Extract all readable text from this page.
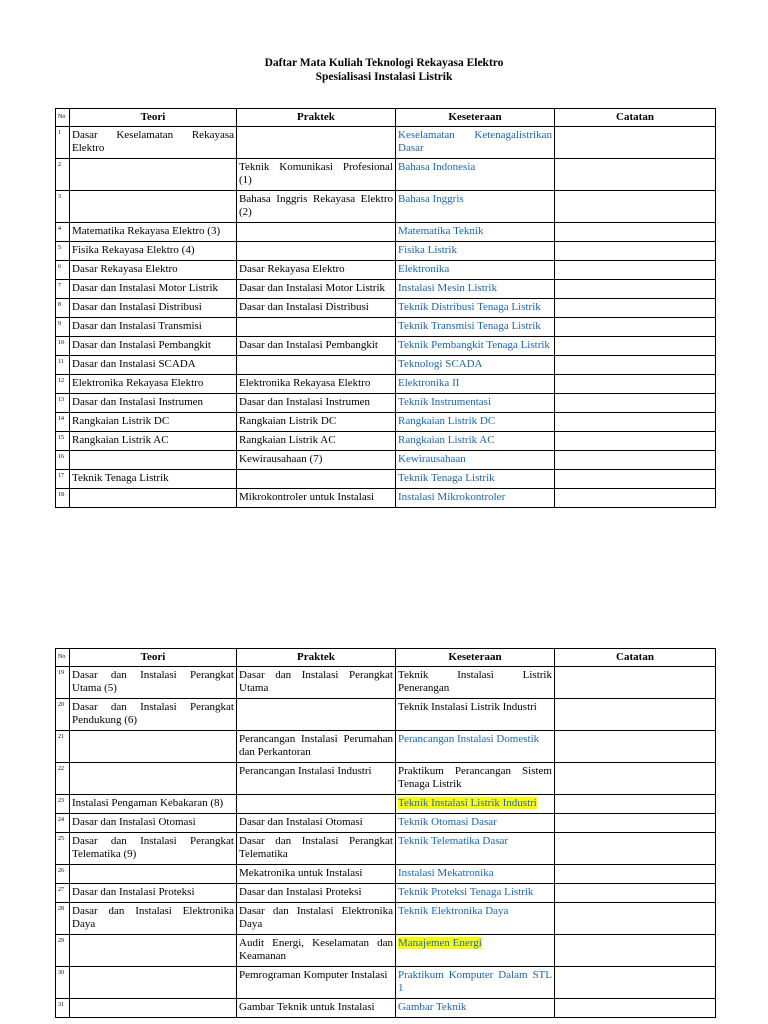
Daftar Mata Kuliah Teknologi Rekayasa Elektro
Spesialisasi Instalasi Listrik
No	Teori	Praktek	Keseteraan	Catatan
1	Dasar Keselamatan Rekayasa Elektro		Keselamatan Ketenagalistrikan Dasar	
2		Teknik Komunikasi Profesional (1)	Bahasa Indonesia	
3		Bahasa Inggris Rekayasa Elektro (2)	Bahasa Inggris	
4	Matematika Rekayasa Elektro (3)		Matematika Teknik	
5	Fisika Rekayasa Elektro (4)		Fisika Listrik	
6	Dasar Rekayasa Elektro	Dasar Rekayasa Elektro	Elektronika	
7	Dasar dan Instalasi Motor Listrik	Dasar dan Instalasi Motor Listrik	Instalasi Mesin Listrik	
8	Dasar dan Instalasi Distribusi	Dasar dan Instalasi Distribusi	Teknik Distribusi Tenaga Listrik	
9	Dasar dan Instalasi Transmisi		Teknik Transmisi Tenaga Listrik	
10	Dasar dan Instalasi Pembangkit	Dasar dan Instalasi Pembangkit	Teknik Pembangkit Tenaga Listrik	
11	Dasar dan Instalasi SCADA		Teknologi SCADA	
12	Elektronika Rekayasa Elektro	Elektronika Rekayasa Elektro	Elektronika II	
13	Dasar dan Instalasi Instrumen	Dasar dan Instalasi Instrumen	Teknik Instrumentasi	
14	Rangkaian Listrik DC	Rangkaian Listrik DC	Rangkaian Listrik DC	
15	Rangkaian Listrik AC	Rangkaian Listrik AC	Rangkaian Listrik AC	
16		Kewirausahaan (7)	Kewirausahaan	
17	Teknik Tenaga Listrik		Teknik Tenaga Listrik	
18		Mikrokontroler untuk Instalasi	Instalasi Mikrokontroler	
No	Teori	Praktek	Keseteraan	Catatan
19	Dasar dan Instalasi Perangkat Utama (5)	Dasar dan Instalasi Perangkat Utama	Teknik Instalasi Listrik Penerangan	
20	Dasar dan Instalasi Perangkat Pendukung (6)		Teknik Instalasi Listrik Industri	
21		Perancangan Instalasi Perumahan dan Perkantoran	Perancangan Instalasi Domestik	
22		Perancangan Instalasi Industri	Praktikum Perancangan Sistem Tenaga Listrik	
23	Instalasi Pengaman Kebakaran (8)		Teknik Instalasi Listrik Industri	
24	Dasar dan Instalasi Otomasi	Dasar dan Instalasi Otomasi	Teknik Otomasi Dasar	
25	Dasar dan Instalasi Perangkat Telematika (9)	Dasar dan Instalasi Perangkat Telematika	Teknik Telematika Dasar	
26		Mekatronika untuk Instalasi	Instalasi Mekatronika	
27	Dasar dan Instalasi Proteksi	Dasar dan Instalasi Proteksi	Teknik Proteksi Tenaga Listrik	
28	Dasar dan Instalasi Elektronika Daya	Dasar dan Instalasi Elektronika Daya	Teknik Elektronika Daya	
29		Audit Energi, Keselamatan dan Keamanan	Manajemen Energi	
30		Pemrograman Komputer Instalasi	Praktikum Komputer Dalam STL 1	
31		Gambar Teknik untuk Instalasi	Gambar Teknik	
